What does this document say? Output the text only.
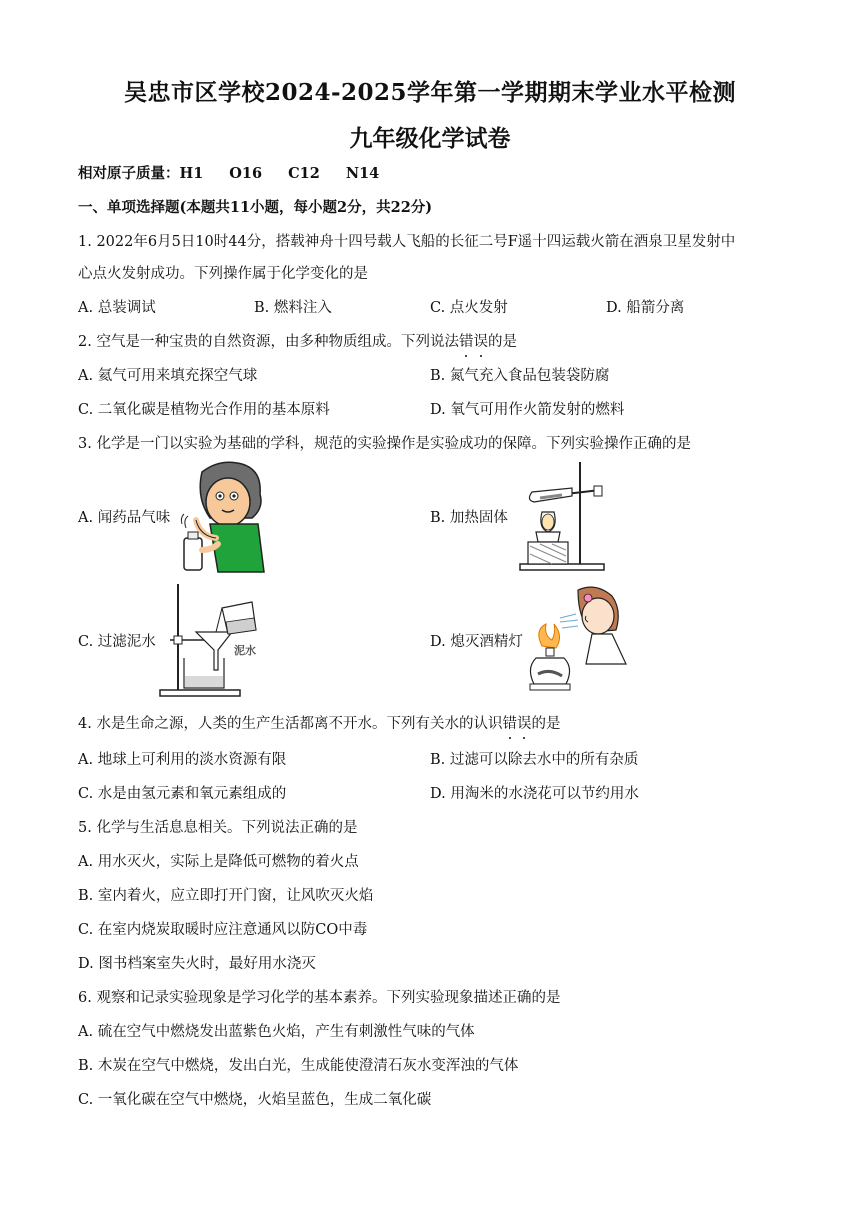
吴忠市区学校2024-2025学年第一学期期末学业水平检测
九年级化学试卷
相对原子质量：H1 O16 C12 N14
一、单项选择题(本题共11小题，每小题2分，共22分)
1. 2022年6月5日10时44分，搭载神舟十四号载人飞船的长征二号F遥十四运载火箭在酒泉卫星发射中
心点火发射成功。下列操作属于化学变化的是
A. 总装调试	B. 燃料注入	C. 点火发射	D. 船箭分离
2. 空气是一种宝贵的自然资源，由多种物质组成。下列说法错误的是
A. 氦气可用来填充探空气球	B. 氮气充入食品包装袋防腐
C. 二氧化碳是植物光合作用的基本原料	D. 氧气可用作火箭发射的燃料
3. 化学是一门以实验为基础的学科，规范的实验操作是实验成功的保障。下列实验操作正确的是
A. 闻药品气味	B. 加热固体
C. 过滤泥水	D. 熄灭酒精灯
泥水
4. 水是生命之源，人类的生产生活都离不开水。下列有关水的认识错误的是
A. 地球上可利用的淡水资源有限	B. 过滤可以除去水中的所有杂质
C. 水是由氢元素和氧元素组成的	D. 用淘米的水浇花可以节约用水
5. 化学与生活息息相关。下列说法正确的是
A. 用水灭火，实际上是降低可燃物的着火点
B. 室内着火，应立即打开门窗，让风吹灭火焰
C. 在室内烧炭取暖时应注意通风以防CO中毒
D. 图书档案室失火时，最好用水浇灭
6. 观察和记录实验现象是学习化学的基本素养。下列实验现象描述正确的是
A. 硫在空气中燃烧发出蓝紫色火焰，产生有刺激性气味的气体
B. 木炭在空气中燃烧，发出白光，生成能使澄清石灰水变浑浊的气体
C. 一氧化碳在空气中燃烧，火焰呈蓝色，生成二氧化碳
